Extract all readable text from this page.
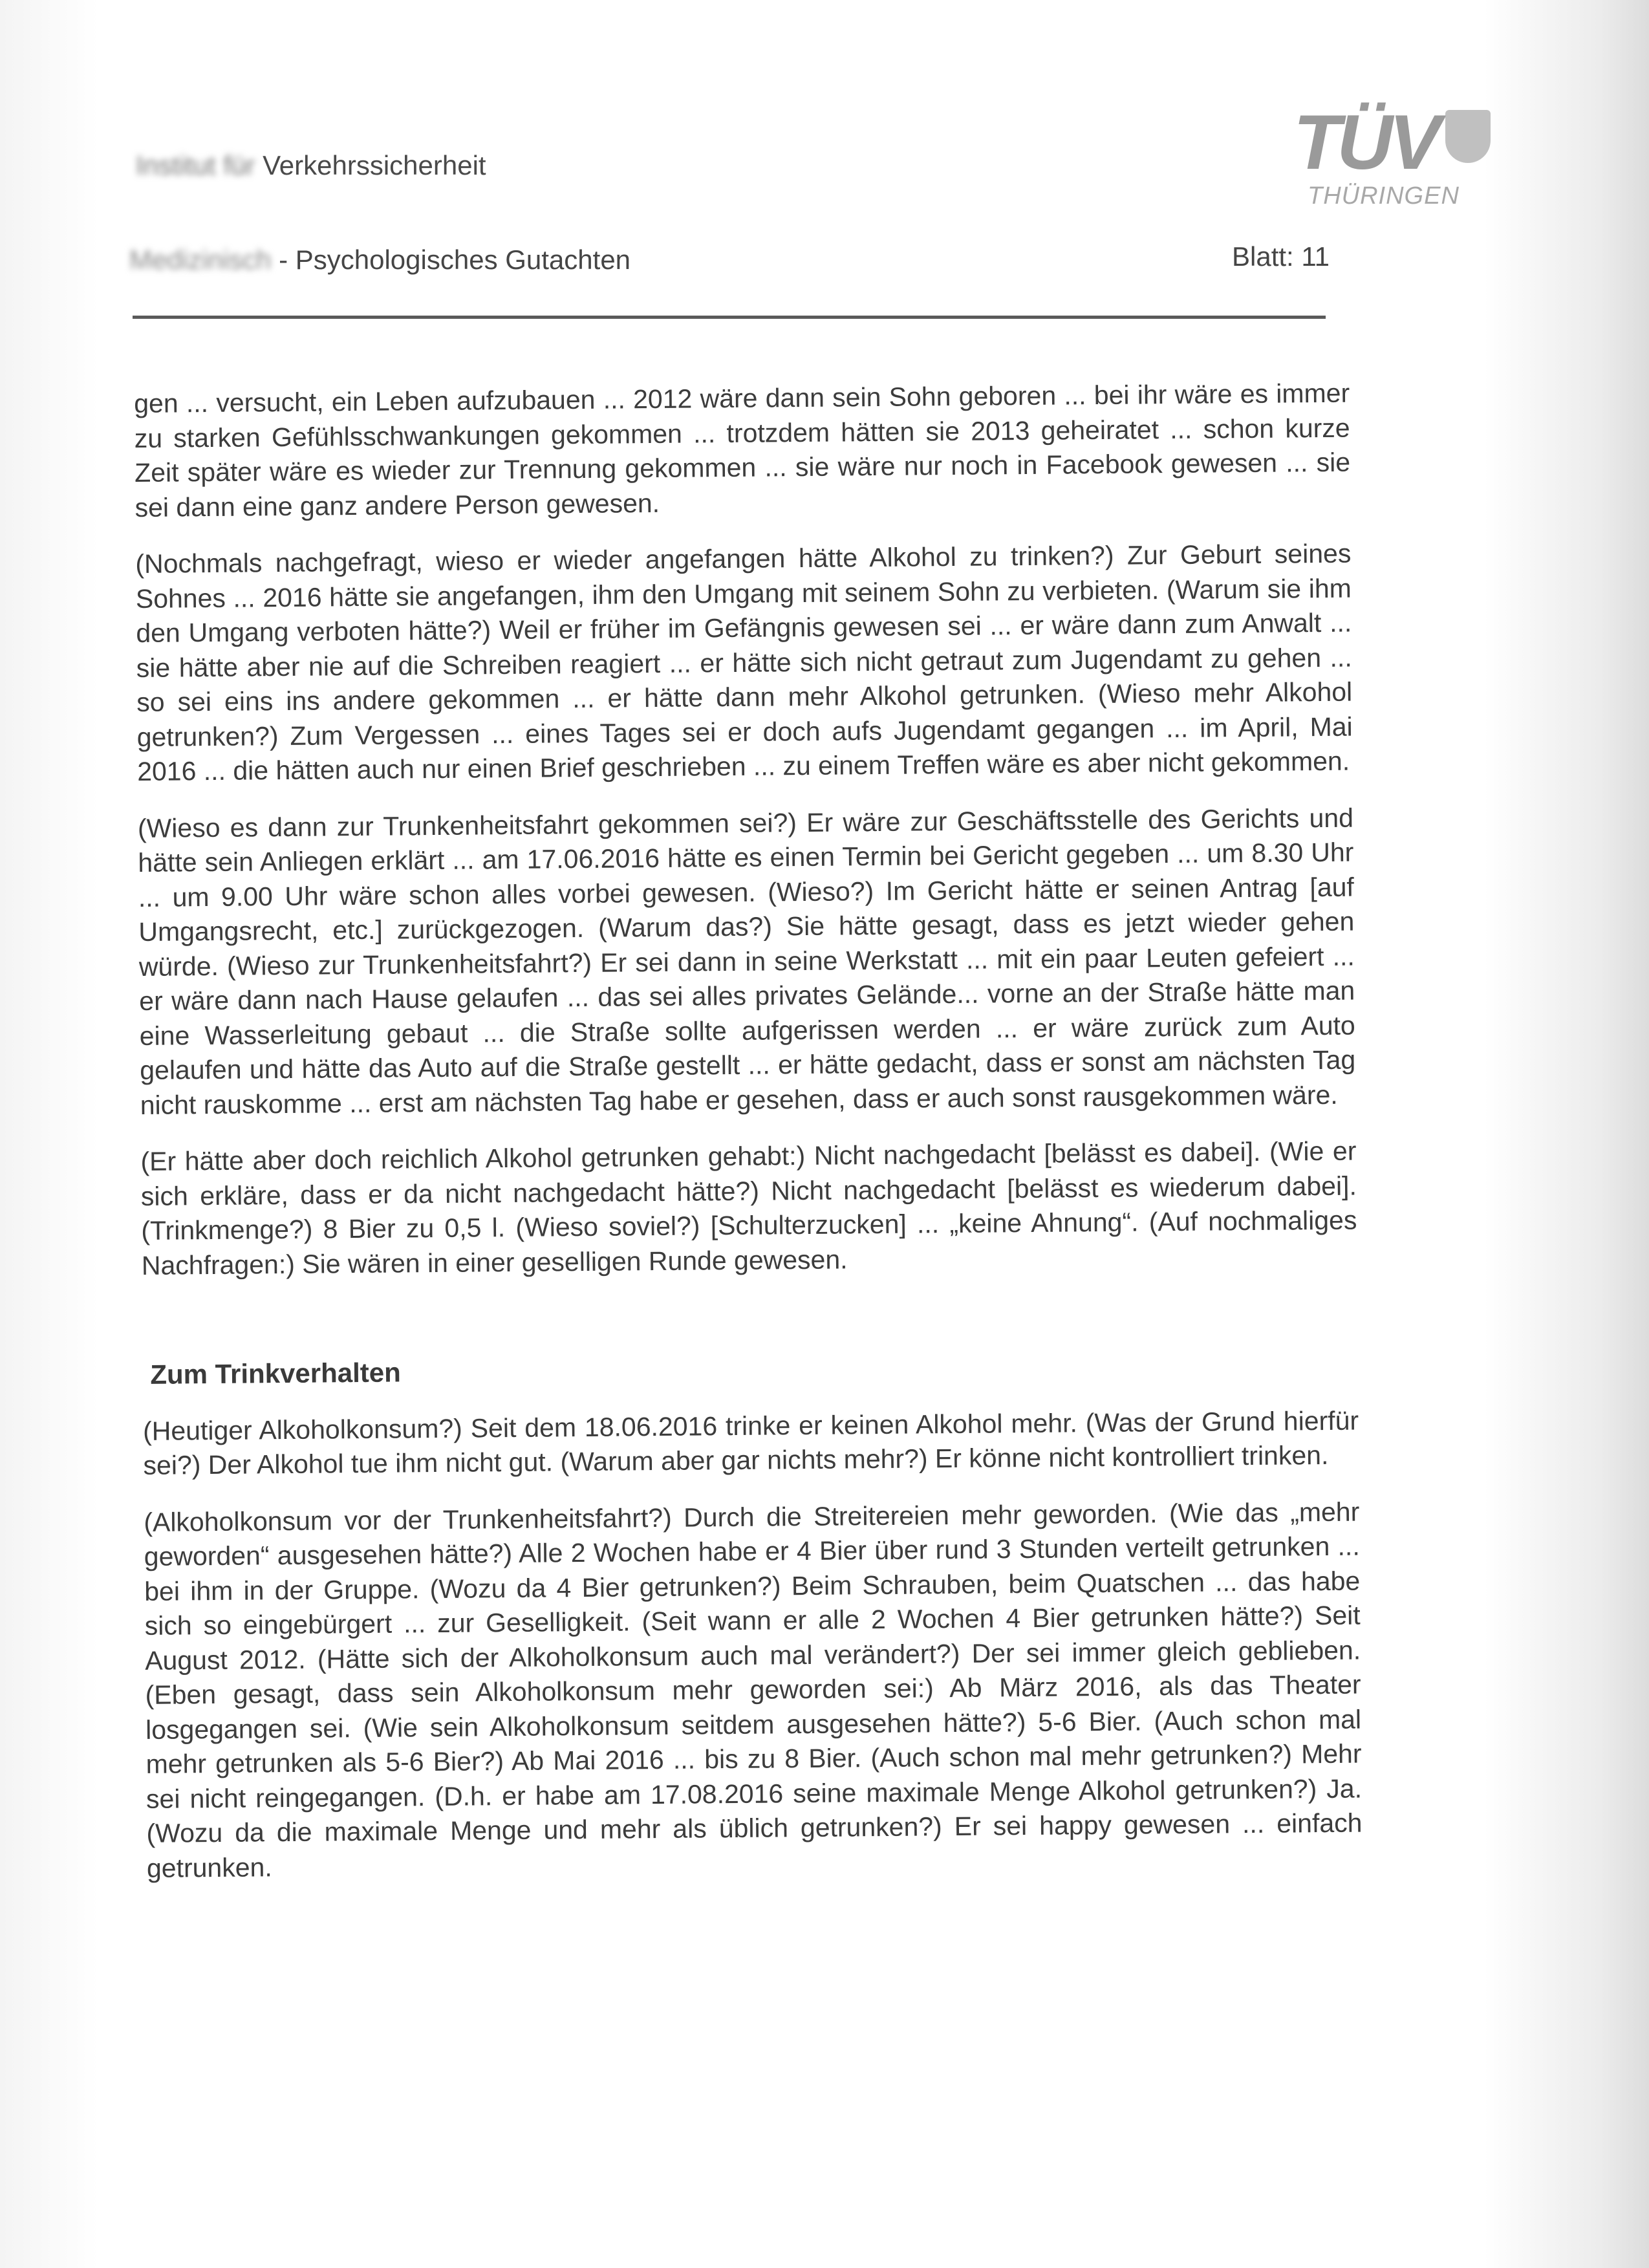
Institut für Verkehrssicherheit	TÜV
THÜRINGEN
Medizinisch - Psychologisches Gutachten	Blatt: 11

gen ... versucht, ein Leben aufzubauen ... 2012 wäre dann sein Sohn geboren ... bei ihr wäre es immer zu starken Gefühlsschwankungen gekommen ... trotzdem hätten sie 2013 geheiratet ... schon kurze Zeit später wäre es wieder zur Trennung gekommen ... sie wäre nur noch in Facebook gewesen ... sie sei dann eine ganz andere Person gewesen.

(Nochmals nachgefragt, wieso er wieder angefangen hätte Alkohol zu trinken?) Zur Geburt seines Sohnes ... 2016 hätte sie angefangen, ihm den Umgang mit seinem Sohn zu verbieten. (Warum sie ihm den Umgang verboten hätte?) Weil er früher im Gefängnis gewesen sei ... er wäre dann zum Anwalt ... sie hätte aber nie auf die Schreiben reagiert ... er hätte sich nicht getraut zum Jugendamt zu gehen ... so sei eins ins andere gekommen ... er hätte dann mehr Alkohol getrunken. (Wieso mehr Alkohol getrunken?) Zum Vergessen ... eines Tages sei er doch aufs Jugendamt gegangen ... im April, Mai 2016 ... die hätten auch nur einen Brief geschrieben ... zu einem Treffen wäre es aber nicht gekommen.

(Wieso es dann zur Trunkenheitsfahrt gekommen sei?) Er wäre zur Geschäftsstelle des Gerichts und hätte sein Anliegen erklärt ... am 17.06.2016 hätte es einen Termin bei Gericht gegeben ... um 8.30 Uhr ... um 9.00 Uhr wäre schon alles vorbei gewesen. (Wieso?) Im Gericht hätte er seinen Antrag [auf Umgangsrecht, etc.] zurückgezogen. (Warum das?) Sie hätte gesagt, dass es jetzt wieder gehen würde. (Wieso zur Trunkenheitsfahrt?) Er sei dann in seine Werkstatt ... mit ein paar Leuten gefeiert ... er wäre dann nach Hause gelaufen ... das sei alles privates Gelände... vorne an der Straße hätte man eine Wasserleitung gebaut ... die Straße sollte aufgerissen werden ... er wäre zurück zum Auto gelaufen und hätte das Auto auf die Straße gestellt ... er hätte gedacht, dass er sonst am nächsten Tag nicht rauskomme ... erst am nächsten Tag habe er gesehen, dass er auch sonst rausgekommen wäre.

(Er hätte aber doch reichlich Alkohol getrunken gehabt:) Nicht nachgedacht [belässt es dabei]. (Wie er sich erkläre, dass er da nicht nachgedacht hätte?) Nicht nachgedacht [belässt es wiederum dabei]. (Trinkmenge?) 8 Bier zu 0,5 l. (Wieso soviel?) [Schulterzucken] ... „keine Ahnung“. (Auf nochmaliges Nachfragen:) Sie wären in einer geselligen Runde gewesen.

Zum Trinkverhalten

(Heutiger Alkoholkonsum?) Seit dem 18.06.2016 trinke er keinen Alkohol mehr. (Was der Grund hierfür sei?) Der Alkohol tue ihm nicht gut. (Warum aber gar nichts mehr?) Er könne nicht kontrolliert trinken.

(Alkoholkonsum vor der Trunkenheitsfahrt?) Durch die Streitereien mehr geworden. (Wie das „mehr geworden“ ausgesehen hätte?) Alle 2 Wochen habe er 4 Bier über rund 3 Stunden verteilt getrunken ... bei ihm in der Gruppe. (Wozu da 4 Bier getrunken?) Beim Schrauben, beim Quatschen ... das habe sich so eingebürgert ... zur Geselligkeit. (Seit wann er alle 2 Wochen 4 Bier getrunken hätte?) Seit August 2012. (Hätte sich der Alkoholkonsum auch mal verändert?) Der sei immer gleich geblieben. (Eben gesagt, dass sein Alkoholkonsum mehr geworden sei:) Ab März 2016, als das Theater losgegangen sei. (Wie sein Alkoholkonsum seitdem ausgesehen hätte?) 5-6 Bier. (Auch schon mal mehr getrunken als 5-6 Bier?) Ab Mai 2016 ... bis zu 8 Bier. (Auch schon mal mehr getrunken?) Mehr sei nicht reingegangen. (D.h. er habe am 17.08.2016 seine maximale Menge Alkohol getrunken?) Ja. (Wozu da die maximale Menge und mehr als üblich getrunken?) Er sei happy gewesen ... einfach getrunken.
